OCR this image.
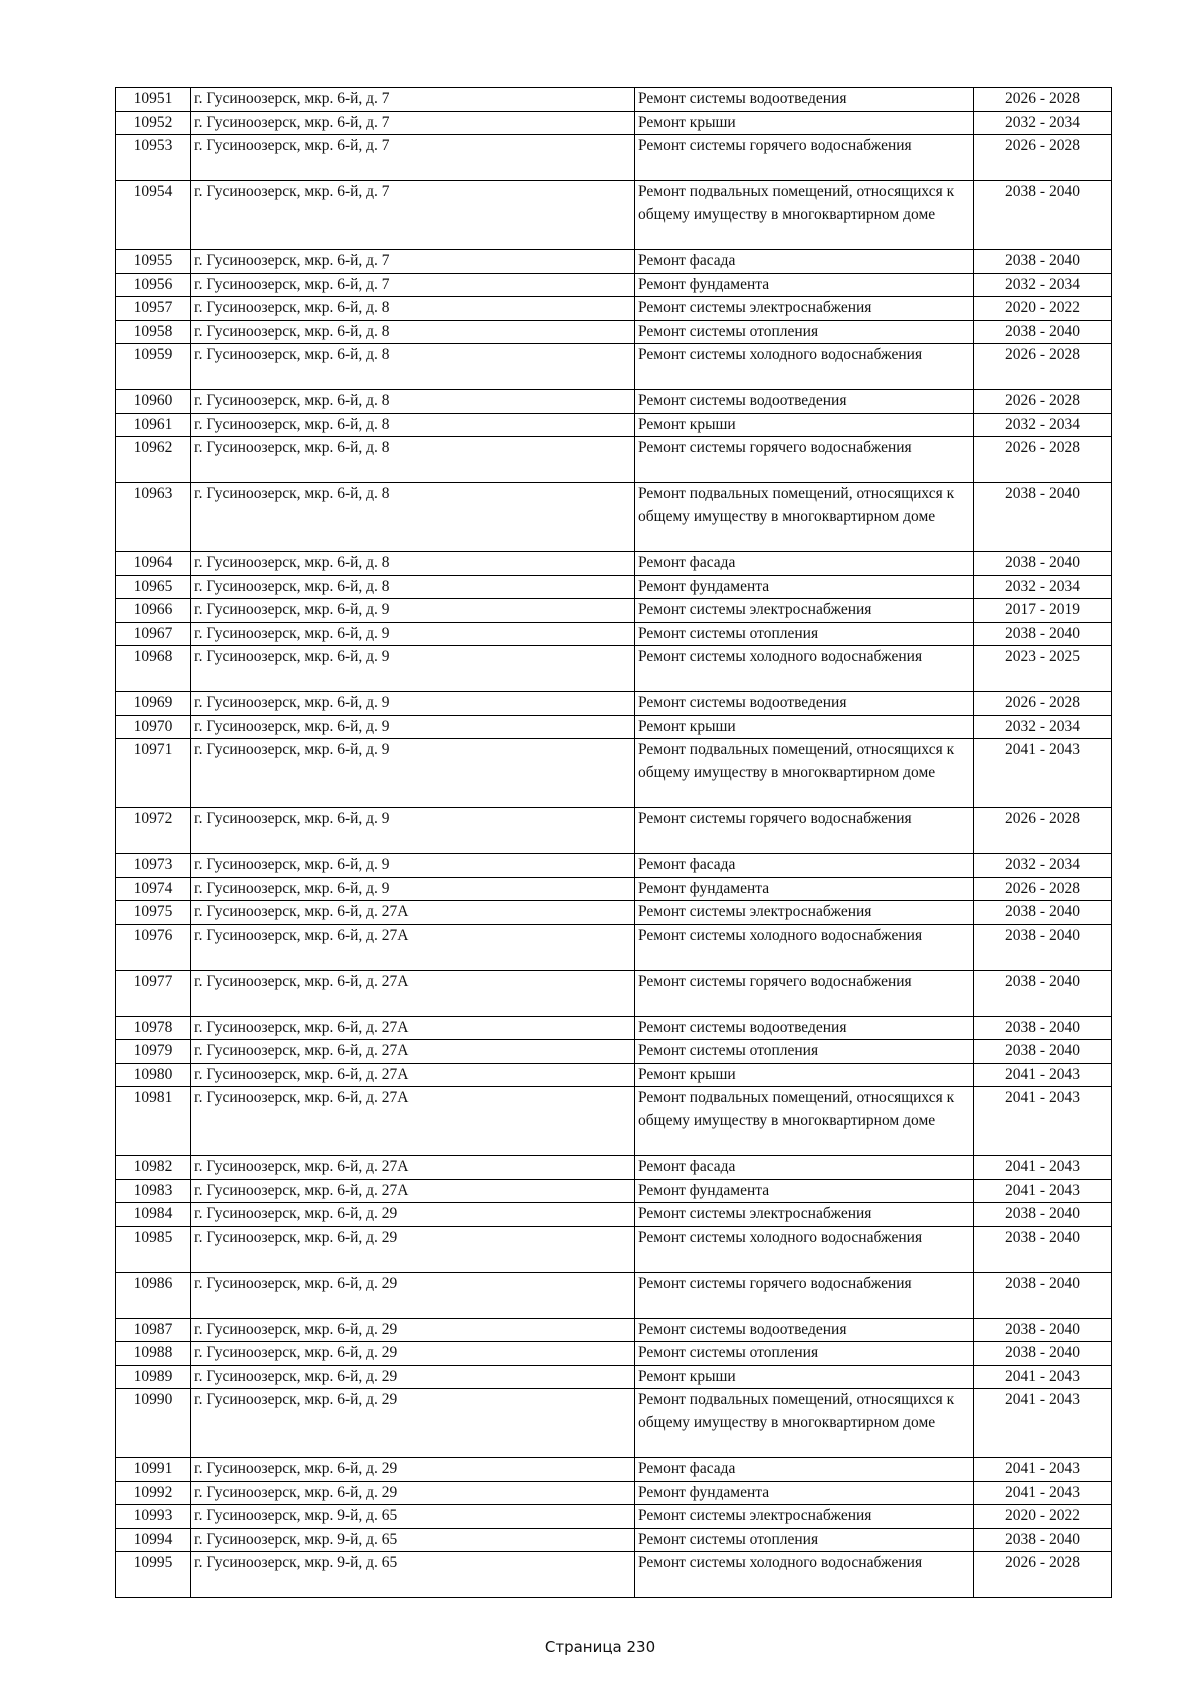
10951	г. Гусиноозерск, мкр. 6-й, д. 7	Ремонт системы водоотведения	2026 - 2028
10952	г. Гусиноозерск, мкр. 6-й, д. 7	Ремонт крыши	2032 - 2034
10953	г. Гусиноозерск, мкр. 6-й, д. 7	Ремонт системы горячего водоснабжения	2026 - 2028
10954	г. Гусиноозерск, мкр. 6-й, д. 7	Ремонт подвальных помещений, относящихся к общему имуществу в многоквартирном доме	2038 - 2040
10955	г. Гусиноозерск, мкр. 6-й, д. 7	Ремонт фасада	2038 - 2040
10956	г. Гусиноозерск, мкр. 6-й, д. 7	Ремонт фундамента	2032 - 2034
10957	г. Гусиноозерск, мкр. 6-й, д. 8	Ремонт системы электроснабжения	2020 - 2022
10958	г. Гусиноозерск, мкр. 6-й, д. 8	Ремонт системы отопления	2038 - 2040
10959	г. Гусиноозерск, мкр. 6-й, д. 8	Ремонт системы холодного водоснабжения	2026 - 2028
10960	г. Гусиноозерск, мкр. 6-й, д. 8	Ремонт системы водоотведения	2026 - 2028
10961	г. Гусиноозерск, мкр. 6-й, д. 8	Ремонт крыши	2032 - 2034
10962	г. Гусиноозерск, мкр. 6-й, д. 8	Ремонт системы горячего водоснабжения	2026 - 2028
10963	г. Гусиноозерск, мкр. 6-й, д. 8	Ремонт подвальных помещений, относящихся к общему имуществу в многоквартирном доме	2038 - 2040
10964	г. Гусиноозерск, мкр. 6-й, д. 8	Ремонт фасада	2038 - 2040
10965	г. Гусиноозерск, мкр. 6-й, д. 8	Ремонт фундамента	2032 - 2034
10966	г. Гусиноозерск, мкр. 6-й, д. 9	Ремонт системы электроснабжения	2017 - 2019
10967	г. Гусиноозерск, мкр. 6-й, д. 9	Ремонт системы отопления	2038 - 2040
10968	г. Гусиноозерск, мкр. 6-й, д. 9	Ремонт системы холодного водоснабжения	2023 - 2025
10969	г. Гусиноозерск, мкр. 6-й, д. 9	Ремонт системы водоотведения	2026 - 2028
10970	г. Гусиноозерск, мкр. 6-й, д. 9	Ремонт крыши	2032 - 2034
10971	г. Гусиноозерск, мкр. 6-й, д. 9	Ремонт подвальных помещений, относящихся к общему имуществу в многоквартирном доме	2041 - 2043
10972	г. Гусиноозерск, мкр. 6-й, д. 9	Ремонт системы горячего водоснабжения	2026 - 2028
10973	г. Гусиноозерск, мкр. 6-й, д. 9	Ремонт фасада	2032 - 2034
10974	г. Гусиноозерск, мкр. 6-й, д. 9	Ремонт фундамента	2026 - 2028
10975	г. Гусиноозерск, мкр. 6-й, д. 27А	Ремонт системы электроснабжения	2038 - 2040
10976	г. Гусиноозерск, мкр. 6-й, д. 27А	Ремонт системы холодного водоснабжения	2038 - 2040
10977	г. Гусиноозерск, мкр. 6-й, д. 27А	Ремонт системы горячего водоснабжения	2038 - 2040
10978	г. Гусиноозерск, мкр. 6-й, д. 27А	Ремонт системы водоотведения	2038 - 2040
10979	г. Гусиноозерск, мкр. 6-й, д. 27А	Ремонт системы отопления	2038 - 2040
10980	г. Гусиноозерск, мкр. 6-й, д. 27А	Ремонт крыши	2041 - 2043
10981	г. Гусиноозерск, мкр. 6-й, д. 27А	Ремонт подвальных помещений, относящихся к общему имуществу в многоквартирном доме	2041 - 2043
10982	г. Гусиноозерск, мкр. 6-й, д. 27А	Ремонт фасада	2041 - 2043
10983	г. Гусиноозерск, мкр. 6-й, д. 27А	Ремонт фундамента	2041 - 2043
10984	г. Гусиноозерск, мкр. 6-й, д. 29	Ремонт системы электроснабжения	2038 - 2040
10985	г. Гусиноозерск, мкр. 6-й, д. 29	Ремонт системы холодного водоснабжения	2038 - 2040
10986	г. Гусиноозерск, мкр. 6-й, д. 29	Ремонт системы горячего водоснабжения	2038 - 2040
10987	г. Гусиноозерск, мкр. 6-й, д. 29	Ремонт системы водоотведения	2038 - 2040
10988	г. Гусиноозерск, мкр. 6-й, д. 29	Ремонт системы отопления	2038 - 2040
10989	г. Гусиноозерск, мкр. 6-й, д. 29	Ремонт крыши	2041 - 2043
10990	г. Гусиноозерск, мкр. 6-й, д. 29	Ремонт подвальных помещений, относящихся к общему имуществу в многоквартирном доме	2041 - 2043
10991	г. Гусиноозерск, мкр. 6-й, д. 29	Ремонт фасада	2041 - 2043
10992	г. Гусиноозерск, мкр. 6-й, д. 29	Ремонт фундамента	2041 - 2043
10993	г. Гусиноозерск, мкр. 9-й, д. 65	Ремонт системы электроснабжения	2020 - 2022
10994	г. Гусиноозерск, мкр. 9-й, д. 65	Ремонт системы отопления	2038 - 2040
10995	г. Гусиноозерск, мкр. 9-й, д. 65	Ремонт системы холодного водоснабжения	2026 - 2028
Страница 230
